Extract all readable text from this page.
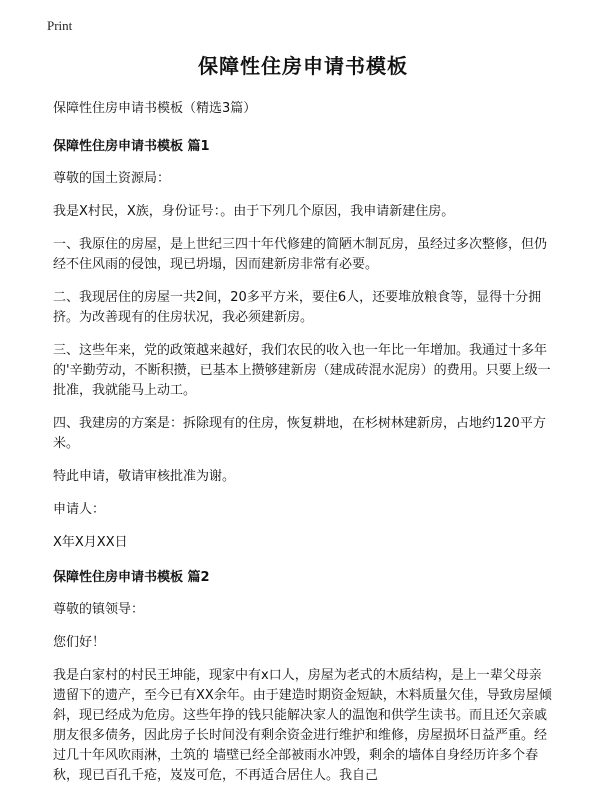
Print
保障性住房申请书模板
保障性住房申请书模板（精选3篇）
保障性住房申请书模板 篇1
尊敬的国土资源局：
我是X村民，X族，身份证号：。由于下列几个原因，我申请新建住房。
一、我原住的房屋，是上世纪三四十年代修建的简陋木制瓦房，虽经过多次整修，但仍经不住风雨的侵蚀，现已坍塌，因而建新房非常有必要。
二、我现居住的房屋一共2间，20多平方米，要住6人，还要堆放粮食等，显得十分拥挤。为改善现有的住房状况，我必须建新房。
三、这些年来，党的政策越来越好，我们农民的收入也一年比一年增加。我通过十多年的'辛勤劳动，不断积攒，已基本上攒够建新房（建成砖混水泥房）的费用。只要上级一批准，我就能马上动工。
四、我建房的方案是：拆除现有的住房，恢复耕地，在杉树林建新房，占地约120平方米。
特此申请，敬请审核批准为谢。
申请人：
X年X月XX日
保障性住房申请书模板 篇2
尊敬的镇领导：
您们好！
我是白家村的村民王坤能，现家中有x口人，房屋为老式的木质结构，是上一辈父母亲遗留下的遗产，至今已有XX余年。由于建造时期资金短缺，木料质量欠佳，导致房屋倾斜，现已经成为危房。这些年挣的钱只能解决家人的温饱和供学生读书。而且还欠亲戚朋友很多债务，因此房子长时间没有剩余资金进行维护和维修，房屋损坏日益严重。经过几十年风吹雨淋，土筑的 墙壁已经全部被雨水冲毁，剩余的墙体自身经历许多个春秋，现已百孔千疮，岌岌可危，不再适合居住人。我自己
